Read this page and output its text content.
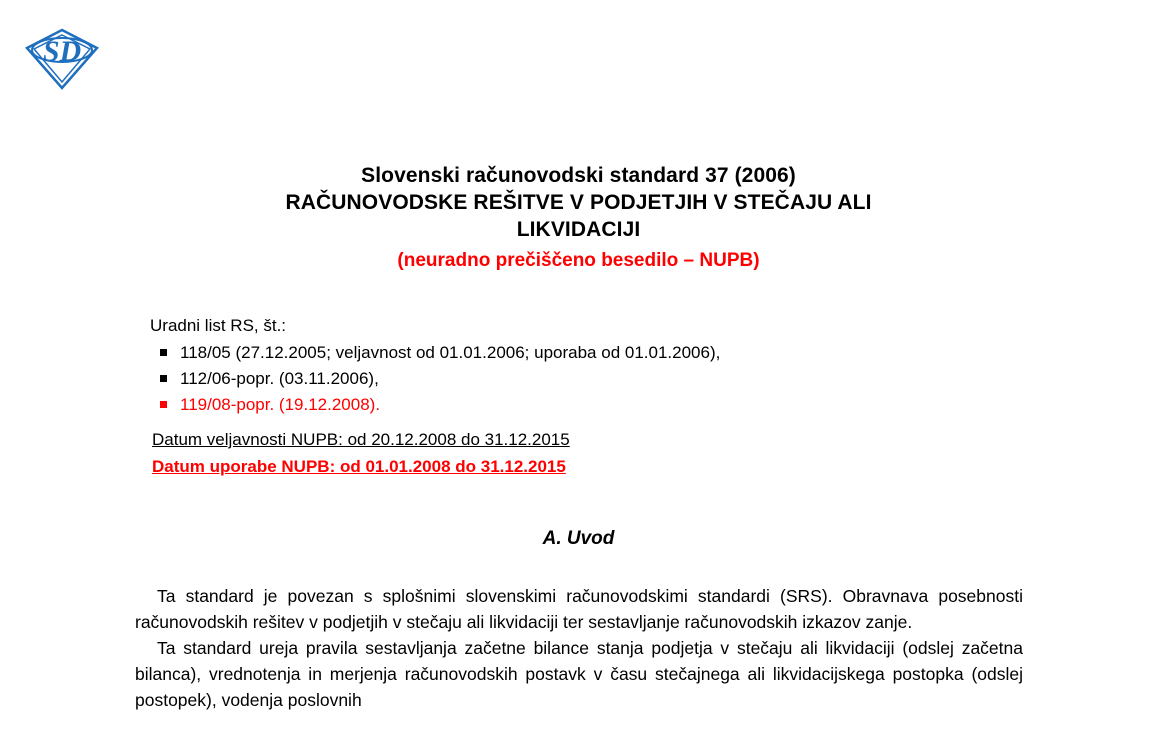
SD
Slovenski računovodski standard 37 (2006)
RAČUNOVODSKE REŠITVE V PODJETJIH V STEČAJU ALI
LIKVIDACIJI
(neuradno prečiščeno besedilo – NUPB)
Uradni list RS, št.:
118/05 (27.12.2005; veljavnost od 01.01.2006; uporaba od 01.01.2006),
112/06-popr. (03.11.2006),
119/08-popr. (19.12.2008).
Datum veljavnosti NUPB: od 20.12.2008 do 31.12.2015
Datum uporabe NUPB: od 01.01.2008 do 31.12.2015
A. Uvod

Ta standard je povezan s splošnimi slovenskimi računovodskimi standardi (SRS). Obravnava posebnosti računovodskih rešitev v podjetjih v stečaju ali likvidaciji ter sestavljanje računovodskih izkazov zanje.

Ta standard ureja pravila sestavljanja začetne bilance stanja podjetja v stečaju ali likvidaciji (odslej začetna bilanca), vrednotenja in merjenja računovodskih postavk v času stečajnega ali likvidacijskega postopka (odslej postopek), vodenja poslovnih
